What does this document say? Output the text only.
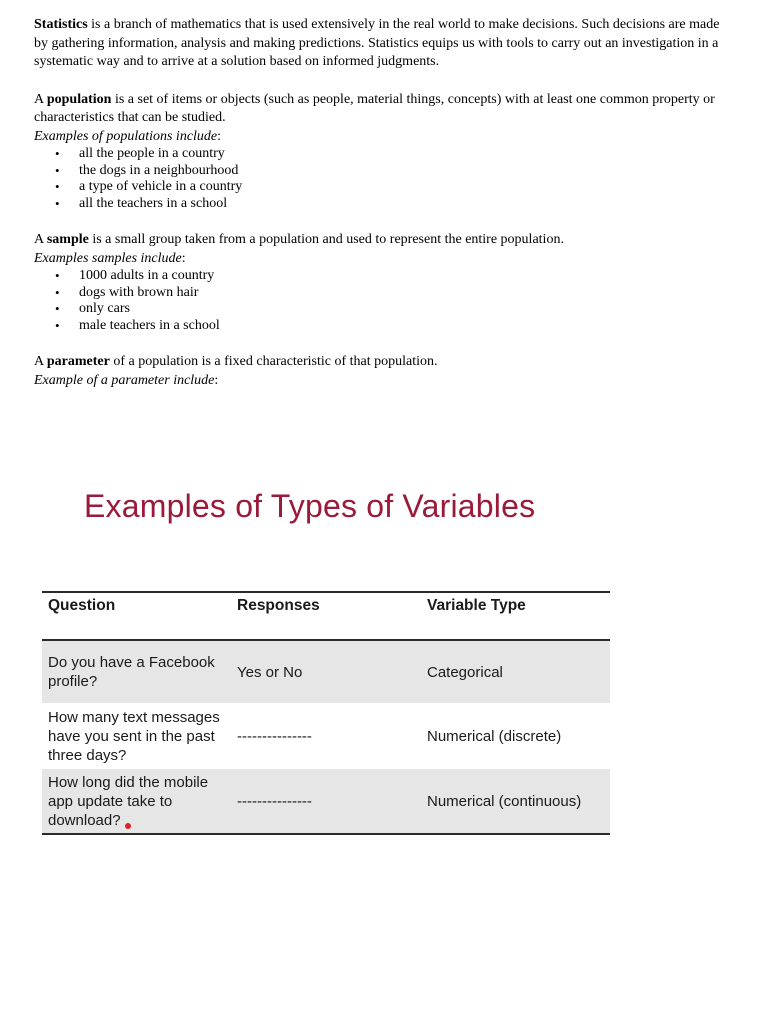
Statistics is a branch of mathematics that is used extensively in the real world to make decisions. Such decisions are made by gathering information, analysis and making predictions. Statistics equips us with tools to carry out an investigation in a systematic way and to arrive at a solution based on informed judgments.

A population is a set of items or objects (such as people, material things, concepts) with at least one common property or characteristics that can be studied.

Examples of populations include:

• all the people in a country
• the dogs in a neighbourhood
• a type of vehicle in a country
• all the teachers in a school

A sample is a small group taken from a population and used to represent the entire population.

Examples samples include:

• 1000 adults in a country
• dogs with brown hair
• only cars
• male teachers in a school

A parameter of a population is a fixed characteristic of that population.

Example of a parameter include:

Examples of Types of Variables
Question	Responses	Variable Type
Do you have a Facebook profile?	Yes or No	Categorical
How many text messages have you sent in the past three days?	---------------	Numerical (discrete)
How long did the mobile app update take to download?	---------------	Numerical (continuous)
